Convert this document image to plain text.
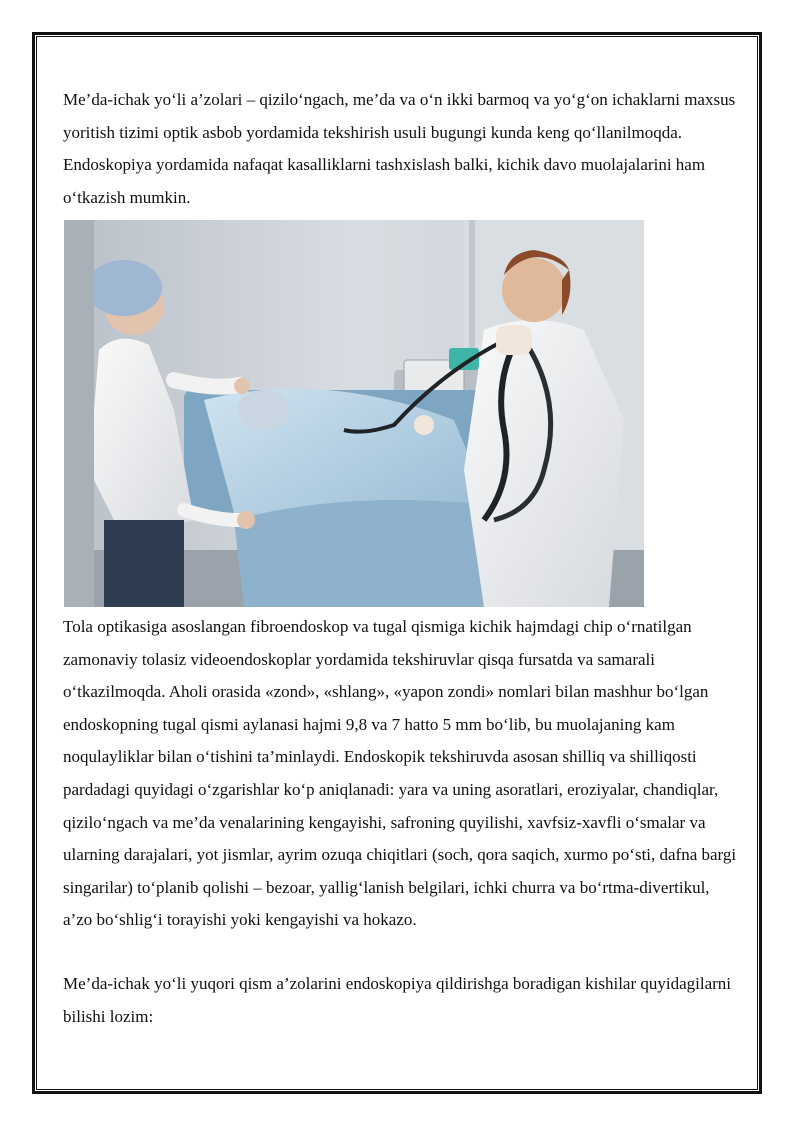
Me’da-ichak yo‘li a’zolari – qizilo‘ngach, me’da va o‘n ikki barmoq va yo‘g‘on ichaklarni maxsus yoritish tizimi optik asbob yordamida tekshirish usuli bugungi kunda keng qo‘llanilmoqda. Endoskopiya yordamida nafaqat kasalliklarni tashxislash balki, kichik davo muolajalarini ham o‘tkazish mumkin.

Tola optikasiga asoslangan fibroendoskop va tugal qismiga kichik hajmdagi chip o‘rnatilgan zamonaviy tolasiz videoendoskoplar yordamida tekshiruvlar qisqa fursatda va samarali o‘tkazilmoqda. Aholi orasida «zond», «shlang», «yapon zondi» nomlari bilan mashhur bo‘lgan endoskopning tugal qismi aylanasi hajmi 9,8 va 7 hatto 5 mm bo‘lib, bu muolajaning kam noqulayliklar bilan o‘tishini ta’minlaydi. Endoskopik tekshiruvda asosan shilliq va shilliqosti pardadagi quyidagi o‘zgarishlar ko‘p aniqlanadi: yara va uning asoratlari, eroziyalar, chandiqlar, qizilo‘ngach va me’da venalarining kengayishi, safroning quyilishi, xavfsiz-xavfli o‘smalar va ularning darajalari, yot jismlar, ayrim ozuqa chiqitlari (soch, qora saqich, xurmo po‘sti, dafna bargi singarilar) to‘planib qolishi – bezoar, yallig‘lanish belgilari, ichki churra va bo‘rtma-divertikul, a’zo bo‘shlig‘i torayishi yoki kengayishi va hokazo.

Me’da-ichak yo‘li yuqori qism a’zolarini endoskopiya qildirishga boradigan kishilar quyidagilarni bilishi lozim:
